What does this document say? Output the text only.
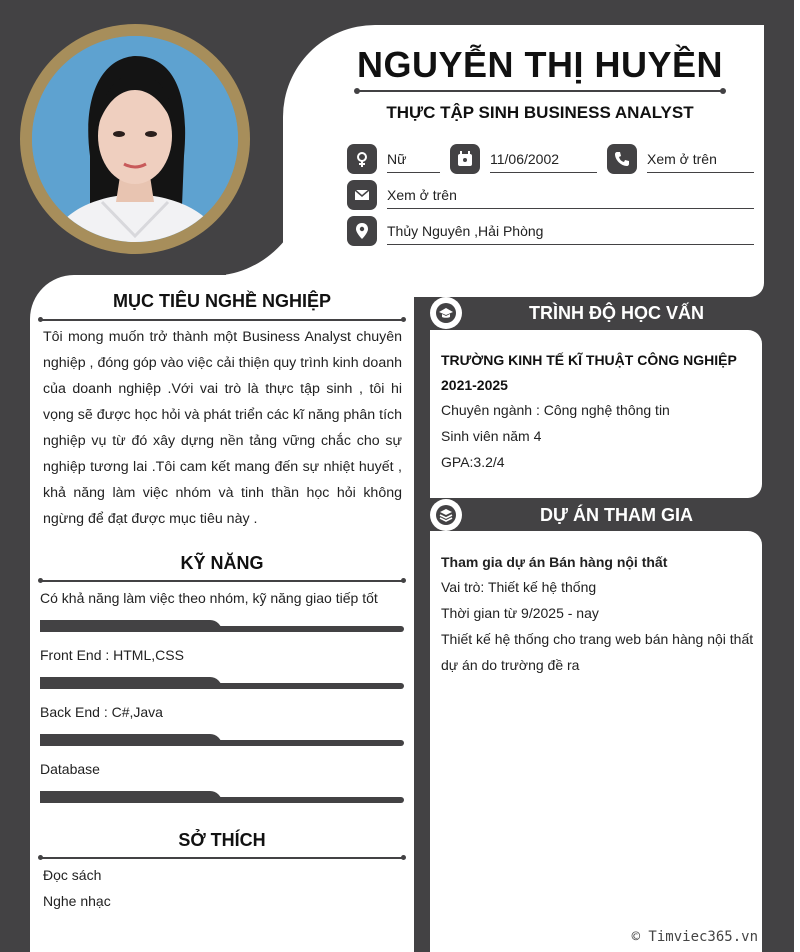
NGUYỄN THỊ HUYỀN
THỰC TẬP SINH BUSINESS ANALYST
Nữ	11/06/2002	Xem ở trên
Xem ở trên
Thủy Nguyên ,Hải Phòng
MỤC TIÊU NGHỀ NGHIỆP
Tôi mong muốn trở thành một Business Analyst chuyên nghiệp , đóng góp vào việc cải thiện quy trình kinh doanh của doanh nghiệp .Với vai trò là thực tập sinh , tôi hi vọng sẽ được học hỏi và phát triển các kĩ năng phân tích nghiệp vụ từ đó xây dựng nền tảng vững chắc cho sự nghiệp tương lai .Tôi cam kết mang đến sự nhiệt huyết , khả năng làm việc nhóm và tinh thần học hỏi không ngừng để đạt được mục tiêu này .
KỸ NĂNG
Có khả năng làm việc theo nhóm, kỹ năng giao tiếp tốt
Front End : HTML,CSS
Back End : C#,Java
Database
SỞ THÍCH
Đọc sách
Nghe nhạc
TRÌNH ĐỘ HỌC VẤN
TRƯỜNG KINH TẾ KĨ THUẬT CÔNG NGHIỆP
2021-2025
Chuyên ngành : Công nghệ thông tin
Sinh viên năm 4
GPA:3.2/4
DỰ ÁN THAM GIA
Tham gia dự án Bán hàng nội thất
Vai trò: Thiết kế hệ thống
Thời gian từ 9/2025 - nay
Thiết kế hệ thống cho trang web bán hàng nội thất dự án do trường đề ra
© Timviec365.vn
